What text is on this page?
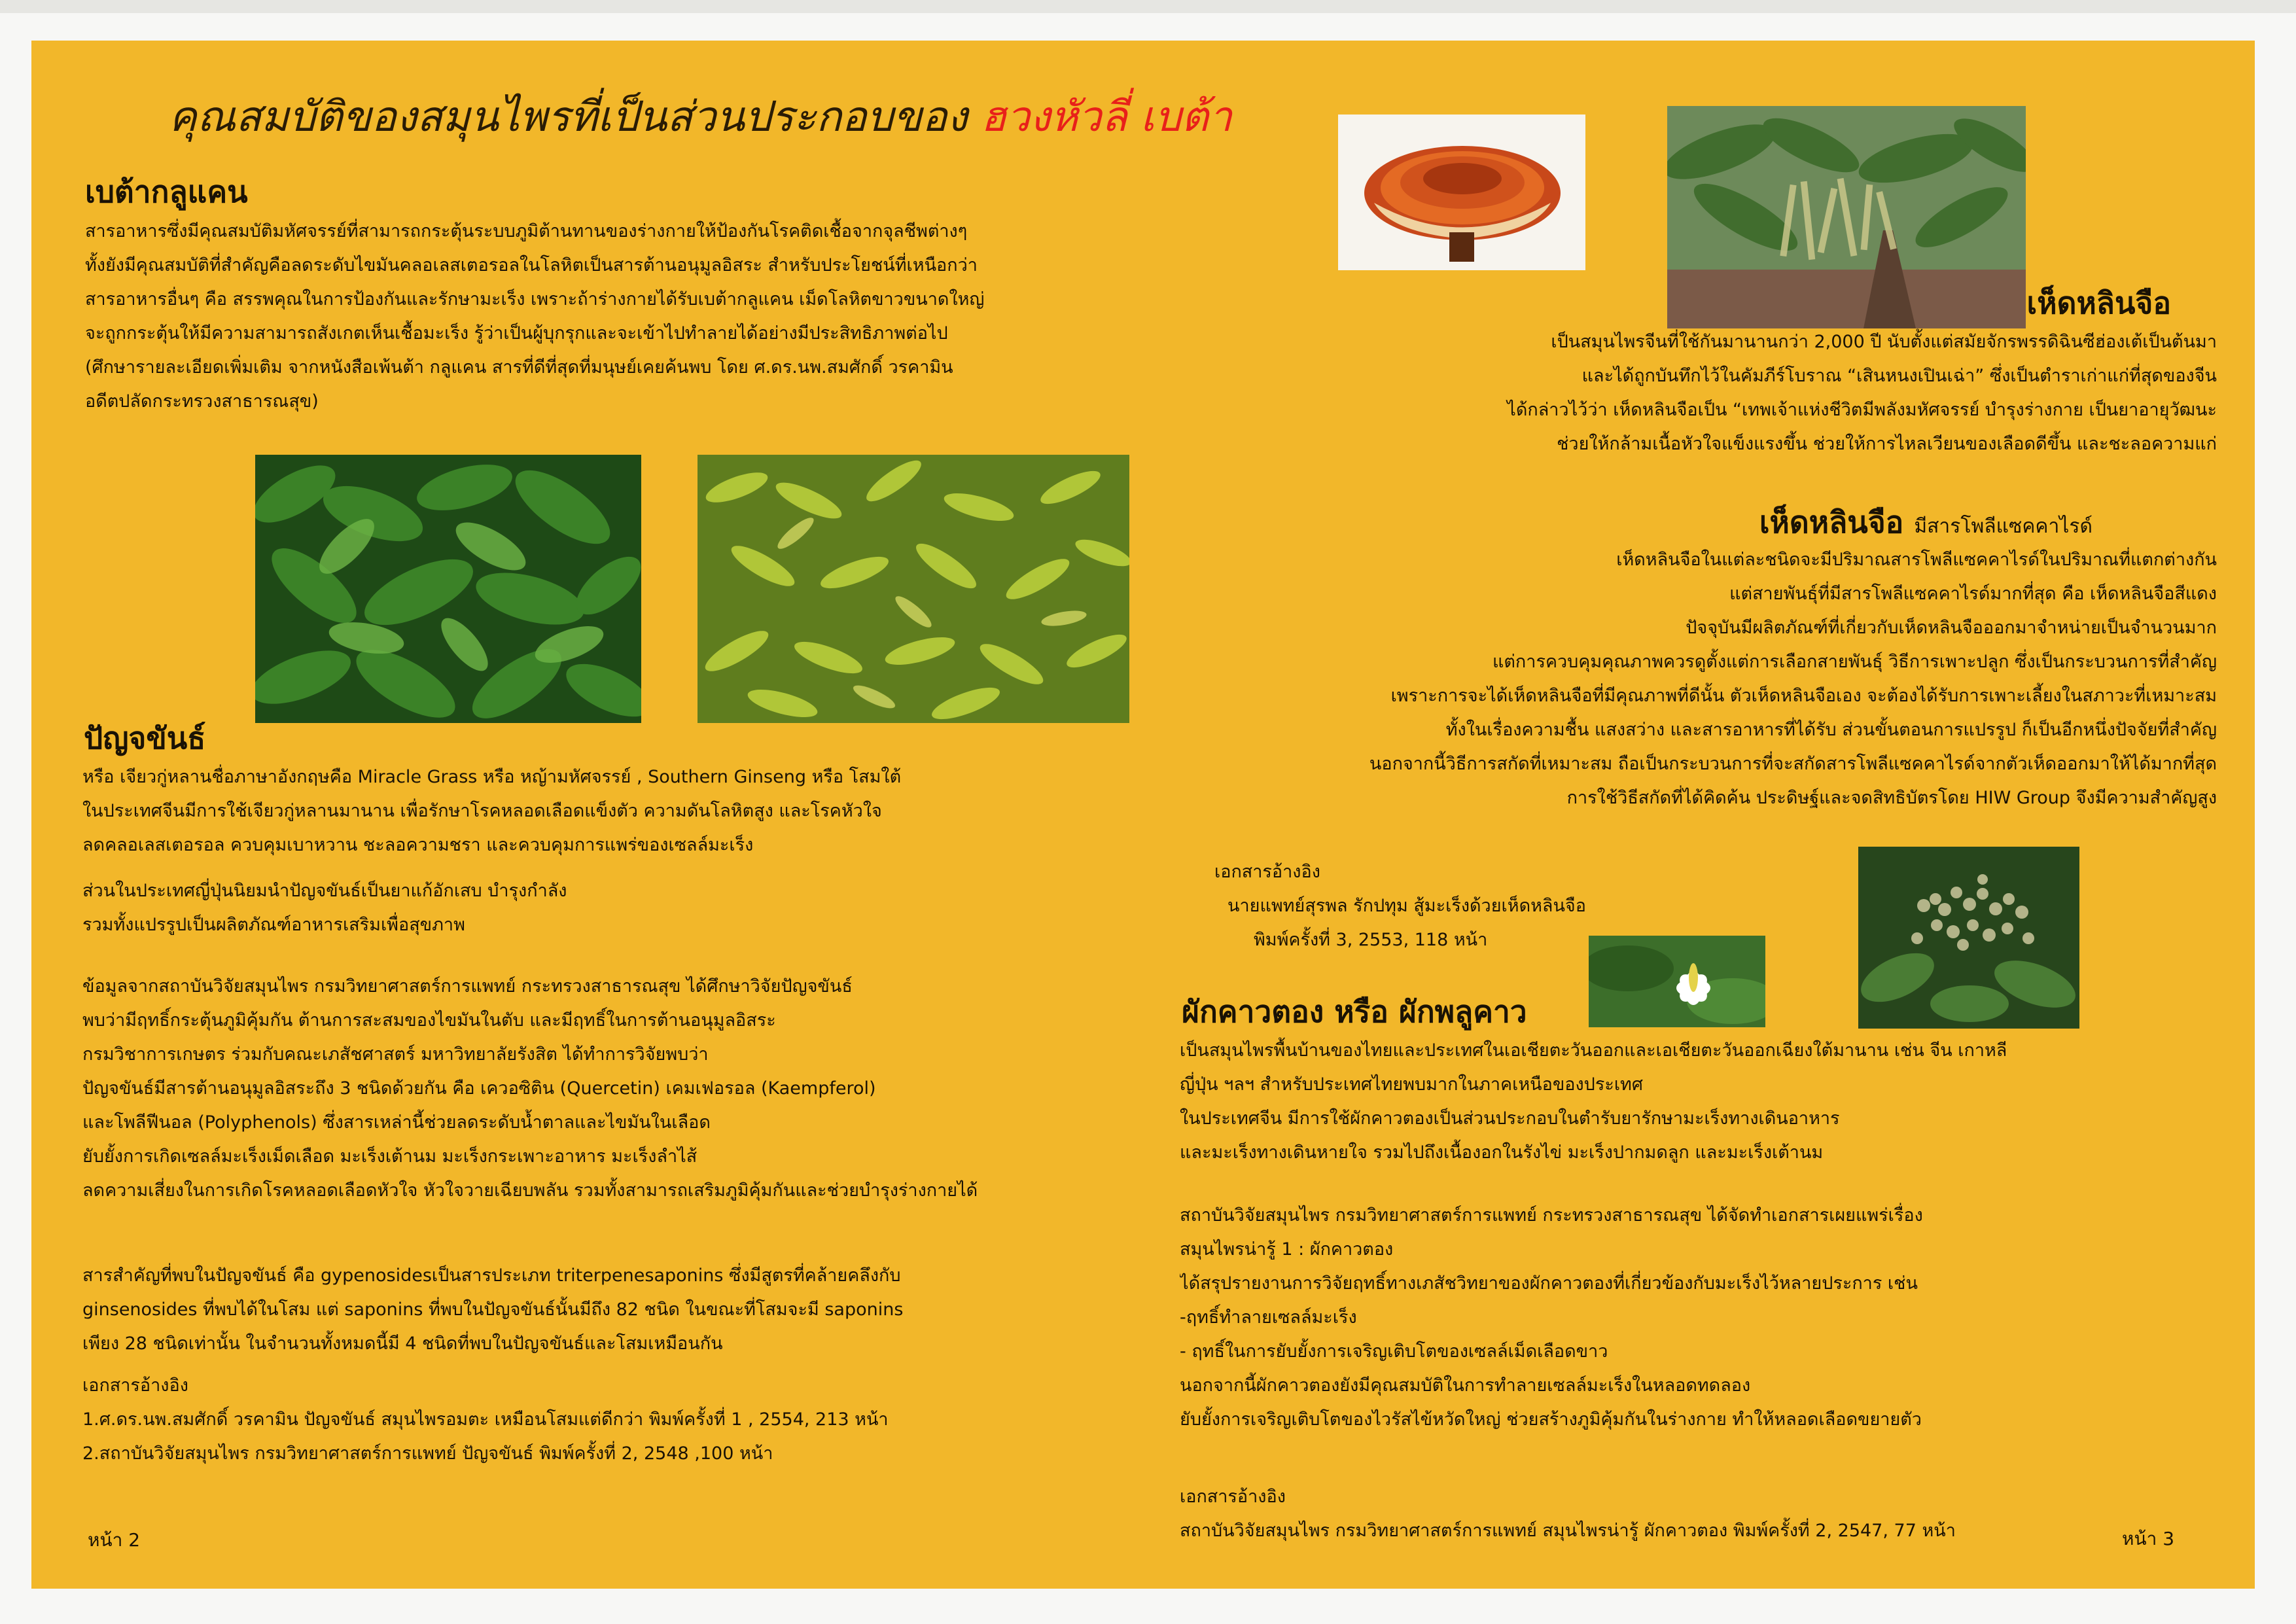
คุณสมบัติของสมุนไพรที่เป็นส่วนประกอบของ ฮวงหัวลี่ เบต้า
เบต้ากลูแคน
สารอาหารซึ่งมีคุณสมบัติมหัศจรรย์ที่สามารถกระตุ้นระบบภูมิต้านทานของร่างกายให้ป้องกันโรคติดเชื้อจากจุลชีพต่างๆ
ทั้งยังมีคุณสมบัติที่สำคัญคือลดระดับไขมันคลอเลสเตอรอลในโลหิตเป็นสารต้านอนุมูลอิสระ สำหรับประโยชน์ที่เหนือกว่า
สารอาหารอื่นๆ คือ สรรพคุณในการป้องกันและรักษามะเร็ง เพราะถ้าร่างกายได้รับเบต้ากลูแคน เม็ดโลหิตขาวขนาดใหญ่
จะถูกกระตุ้นให้มีความสามารถสังเกตเห็นเชื้อมะเร็ง รู้ว่าเป็นผู้บุกรุกและจะเข้าไปทำลายได้อย่างมีประสิทธิภาพต่อไป
(ศึกษารายละเอียดเพิ่มเติม จากหนังสือเพ้นต้า กลูแคน สารที่ดีที่สุดที่มนุษย์เคยค้นพบ โดย ศ.ดร.นพ.สมศักดิ์ วรคามิน
อดีตปลัดกระทรวงสาธารณสุข)
ปัญจขันธ์
หรือ เจียวกู่หลานชื่อภาษาอังกฤษคือ Miracle Grass หรือ หญ้ามหัศจรรย์ , Southern Ginseng หรือ โสมใต้
ในประเทศจีนมีการใช้เจียวกู่หลานมานาน เพื่อรักษาโรคหลอดเลือดแข็งตัว ความดันโลหิตสูง และโรคหัวใจ
ลดคลอเลสเตอรอล ควบคุมเบาหวาน ชะลอความชรา และควบคุมการแพร่ของเซลล์มะเร็ง
ส่วนในประเทศญี่ปุ่นนิยมนำปัญจขันธ์เป็นยาแก้อักเสบ บำรุงกำลัง
รวมทั้งแปรรูปเป็นผลิตภัณฑ์อาหารเสริมเพื่อสุขภาพ
ข้อมูลจากสถาบันวิจัยสมุนไพร กรมวิทยาศาสตร์การแพทย์ กระทรวงสาธารณสุข ได้ศึกษาวิจัยปัญจขันธ์
พบว่ามีฤทธิ์กระตุ้นภูมิคุ้มกัน ต้านการสะสมของไขมันในตับ และมีฤทธิ์ในการต้านอนุมูลอิสระ
กรมวิชาการเกษตร ร่วมกับคณะเภสัชศาสตร์ มหาวิทยาลัยรังสิต ได้ทำการวิจัยพบว่า
ปัญจขันธ์มีสารต้านอนุมูลอิสระถึง 3 ชนิดด้วยกัน คือ เควอซิติน (Quercetin) เคมเฟอรอล (Kaempferol)
และโพลีฟีนอล (Polyphenols) ซึ่งสารเหล่านี้ช่วยลดระดับน้ำตาลและไขมันในเลือด
ยับยั้งการเกิดเซลล์มะเร็งเม็ดเลือด มะเร็งเต้านม มะเร็งกระเพาะอาหาร มะเร็งลำไส้
ลดความเสี่ยงในการเกิดโรคหลอดเลือดหัวใจ หัวใจวายเฉียบพลัน รวมทั้งสามารถเสริมภูมิคุ้มกันและช่วยบำรุงร่างกายได้
สารสำคัญที่พบในปัญจขันธ์ คือ gypenosidesเป็นสารประเภท triterpenesaponins ซึ่งมีสูตรที่คล้ายคลึงกับ
ginsenosides ที่พบได้ในโสม แต่ saponins ที่พบในปัญจขันธ์นั้นมีถึง 82 ชนิด ในขณะที่โสมจะมี saponins
เพียง 28 ชนิดเท่านั้น ในจำนวนทั้งหมดนี้มี 4 ชนิดที่พบในปัญจขันธ์และโสมเหมือนกัน
เอกสารอ้างอิง
1.ศ.ดร.นพ.สมศักดิ์ วรคามิน ปัญจขันธ์ สมุนไพรอมตะ เหมือนโสมแต่ดีกว่า พิมพ์ครั้งที่ 1 , 2554, 213 หน้า
2.สถาบันวิจัยสมุนไพร กรมวิทยาศาสตร์การแพทย์ ปัญจขันธ์ พิมพ์ครั้งที่ 2, 2548 ,100 หน้า
หน้า 2
เห็ดหลินจือ
เป็นสมุนไพรจีนที่ใช้กันมานานกว่า 2,000 ปี นับตั้งแต่สมัยจักรพรรดิฉินซีฮ่องเต้เป็นต้นมา
และได้ถูกบันทึกไว้ในคัมภีร์โบราณ “เสินหนงเปินเฉ่า” ซึ่งเป็นตำราเก่าแก่ที่สุดของจีน
ได้กล่าวไว้ว่า เห็ดหลินจือเป็น “เทพเจ้าแห่งชีวิตมีพลังมหัศจรรย์ บำรุงร่างกาย เป็นยาอายุวัฒนะ
ช่วยให้กล้ามเนื้อหัวใจแข็งแรงขึ้น ช่วยให้การไหลเวียนของเลือดดีขึ้น และชะลอความแก่
เห็ดหลินจือ มีสารโพลีแซคคาไรด์
เห็ดหลินจือในแต่ละชนิดจะมีปริมาณสารโพลีแซคคาไรด์ในปริมาณที่แตกต่างกัน
แต่สายพันธุ์ที่มีสารโพลีแซคคาไรด์มากที่สุด คือ เห็ดหลินจือสีแดง
ปัจจุบันมีผลิตภัณฑ์ที่เกี่ยวกับเห็ดหลินจือออกมาจำหน่ายเป็นจำนวนมาก
แต่การควบคุมคุณภาพควรดูตั้งแต่การเลือกสายพันธุ์ วิธีการเพาะปลูก ซึ่งเป็นกระบวนการที่สำคัญ
เพราะการจะได้เห็ดหลินจือที่มีคุณภาพที่ดีนั้น ตัวเห็ดหลินจือเอง จะต้องได้รับการเพาะเลี้ยงในสภาวะที่เหมาะสม
ทั้งในเรื่องความชื้น แสงสว่าง และสารอาหารที่ได้รับ ส่วนขั้นตอนการแปรรูป ก็เป็นอีกหนึ่งปัจจัยที่สำคัญ
นอกจากนี้วิธีการสกัดที่เหมาะสม ถือเป็นกระบวนการที่จะสกัดสารโพลีแซคคาไรด์จากตัวเห็ดออกมาให้ได้มากที่สุด
การใช้วิธีสกัดที่ได้คิดค้น ประดิษฐ์และจดสิทธิบัตรโดย HIW Group จึงมีความสำคัญสูง
เอกสารอ้างอิง
นายแพทย์สุรพล รักปทุม สู้มะเร็งด้วยเห็ดหลินจือ
พิมพ์ครั้งที่ 3, 2553, 118 หน้า
ผักคาวตอง หรือ ผักพลูคาว
เป็นสมุนไพรพื้นบ้านของไทยและประเทศในเอเชียตะวันออกและเอเชียตะวันออกเฉียงใต้มานาน เช่น จีน เกาหลี
ญี่ปุ่น ฯลฯ สำหรับประเทศไทยพบมากในภาคเหนือของประเทศ
ในประเทศจีน มีการใช้ผักคาวตองเป็นส่วนประกอบในตำรับยารักษามะเร็งทางเดินอาหาร
และมะเร็งทางเดินหายใจ รวมไปถึงเนื้องอกในรังไข่ มะเร็งปากมดลูก และมะเร็งเต้านม
สถาบันวิจัยสมุนไพร กรมวิทยาศาสตร์การแพทย์ กระทรวงสาธารณสุข ได้จัดทำเอกสารเผยแพร่เรื่อง
สมุนไพรน่ารู้ 1 : ผักคาวตอง
ได้สรุปรายงานการวิจัยฤทธิ์ทางเภสัชวิทยาของผักคาวตองที่เกี่ยวข้องกับมะเร็งไว้หลายประการ เช่น
-ฤทธิ์ทำลายเซลล์มะเร็ง
- ฤทธิ์ในการยับยั้งการเจริญเติบโตของเซลล์เม็ดเลือดขาว
นอกจากนี้ผักคาวตองยังมีคุณสมบัติในการทำลายเซลล์มะเร็งในหลอดทดลอง
ยับยั้งการเจริญเติบโตของไวรัสไข้หวัดใหญ่ ช่วยสร้างภูมิคุ้มกันในร่างกาย ทำให้หลอดเลือดขยายตัว
เอกสารอ้างอิง
สถาบันวิจัยสมุนไพร กรมวิทยาศาสตร์การแพทย์ สมุนไพรน่ารู้ ผักคาวตอง พิมพ์ครั้งที่ 2, 2547, 77 หน้า	หน้า 3
